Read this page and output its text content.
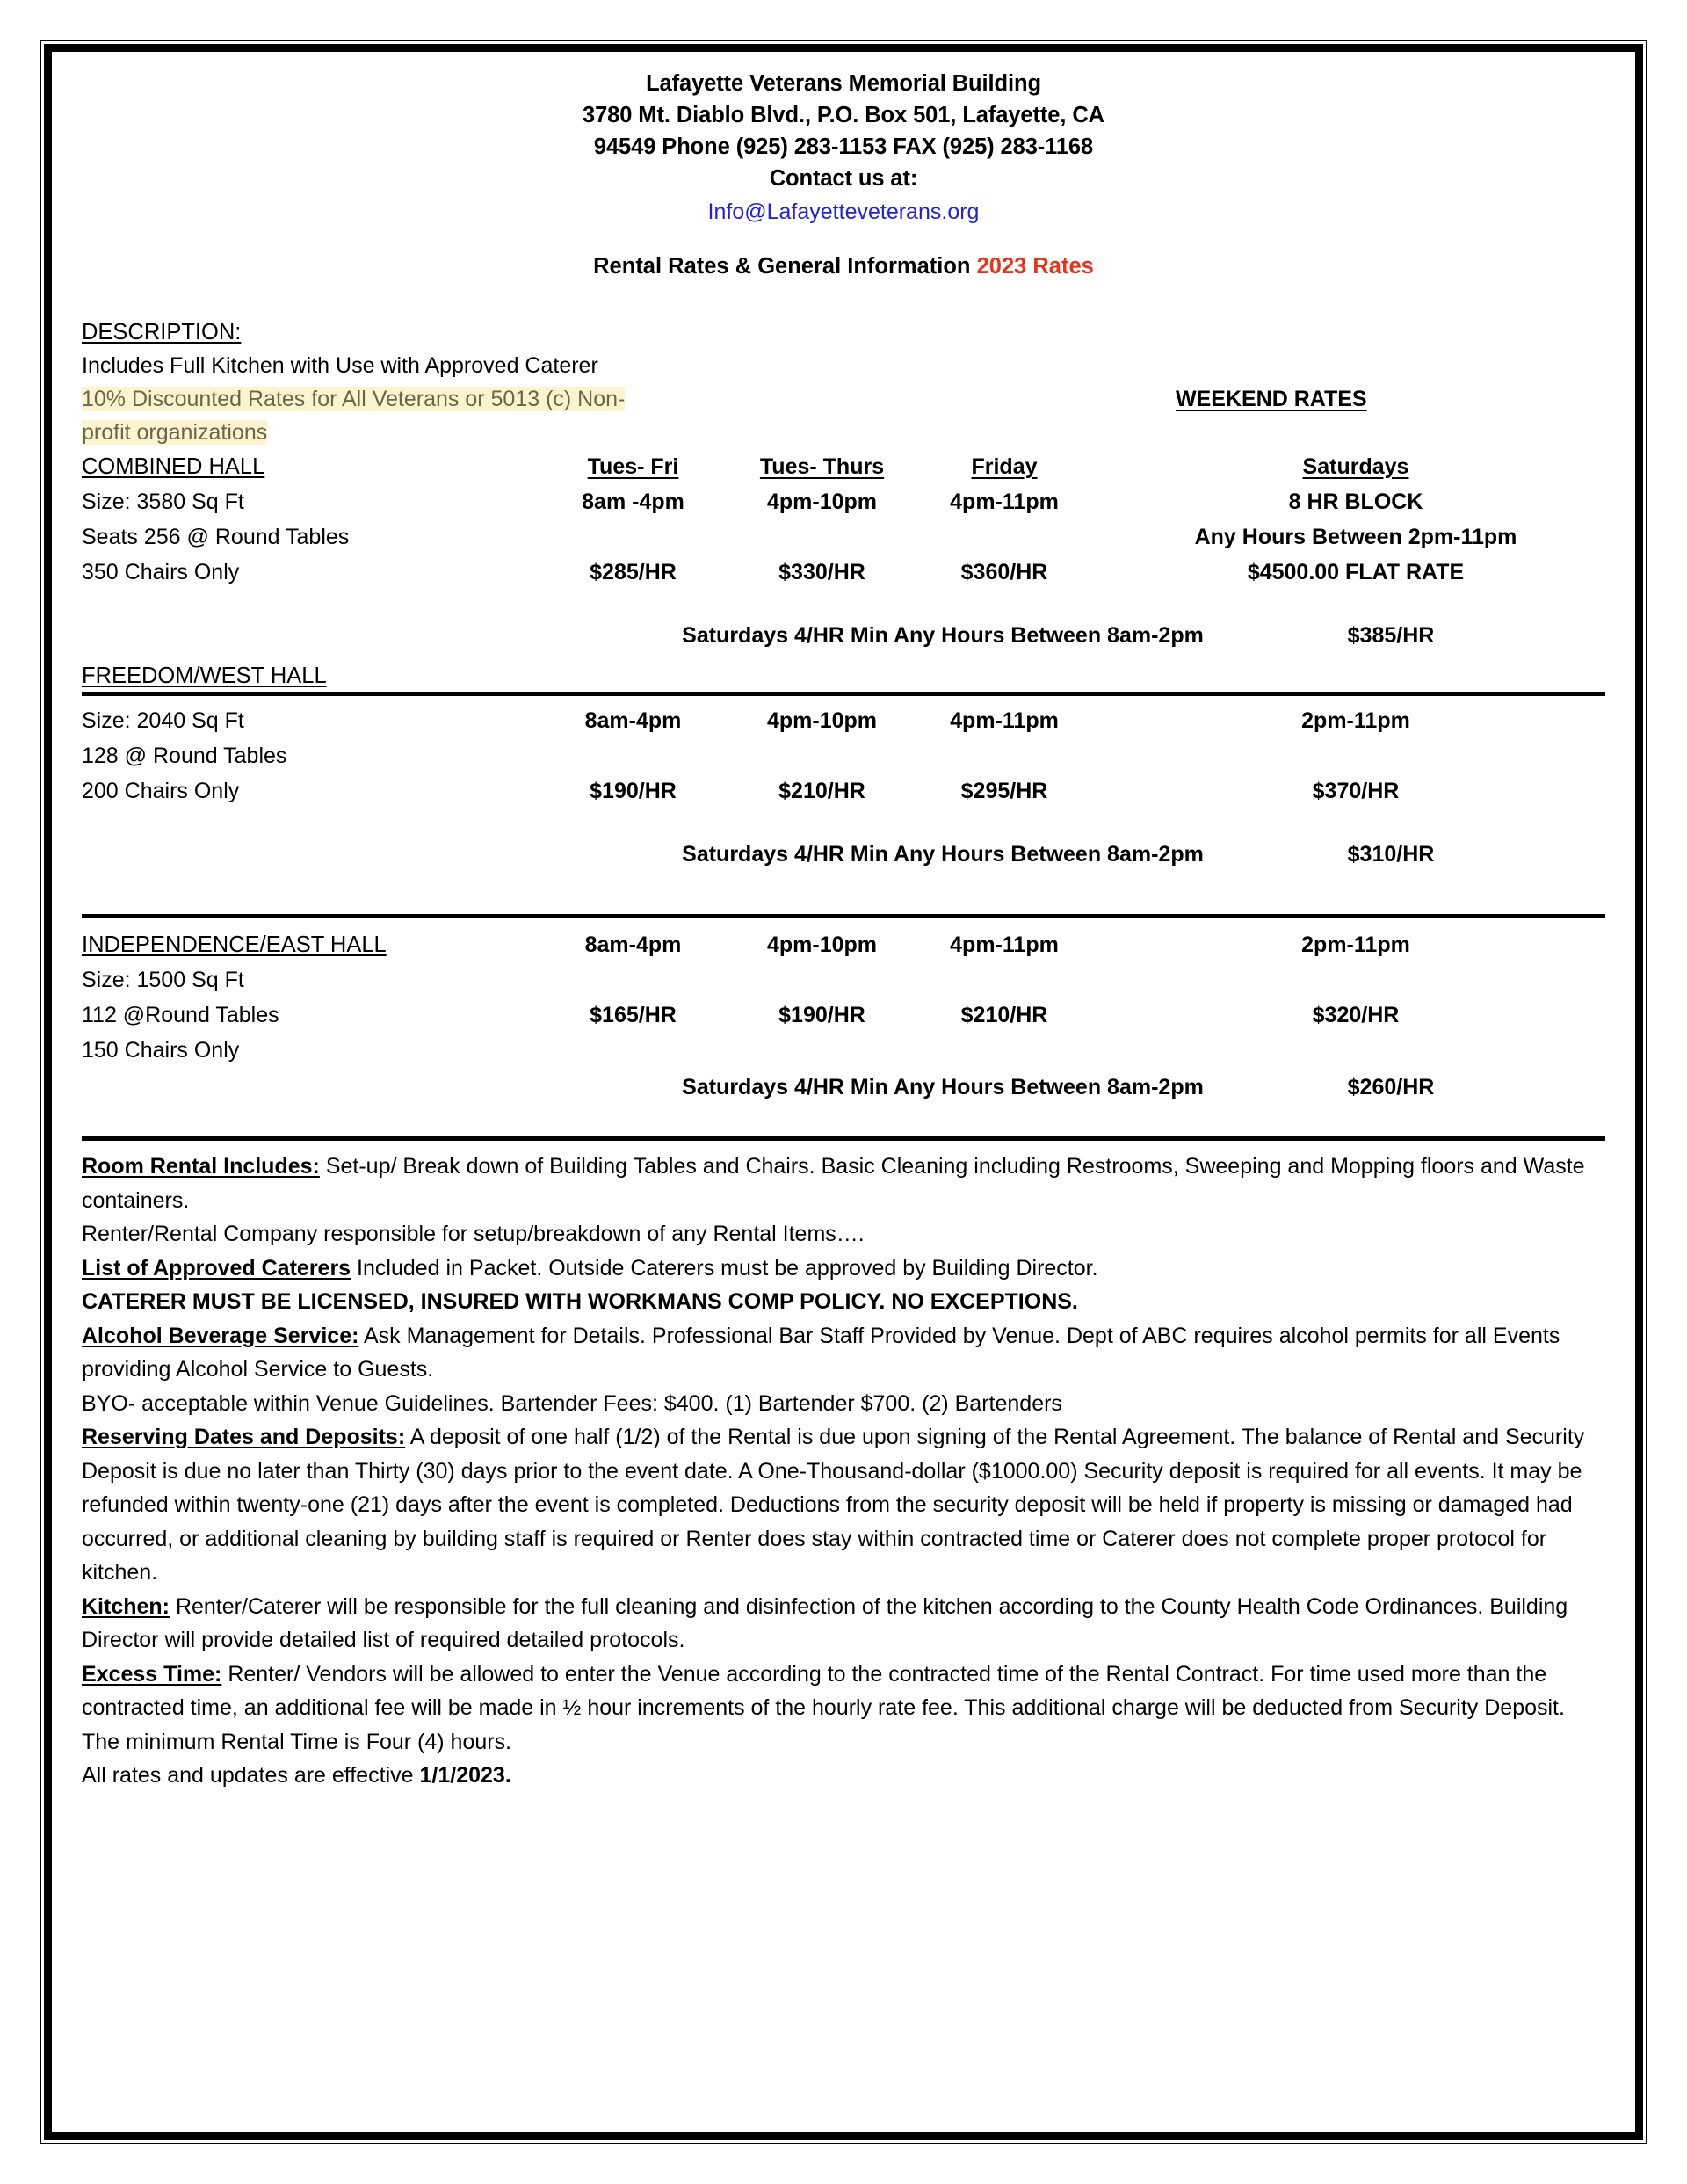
Lafayette Veterans Memorial Building
3780 Mt. Diablo Blvd., P.O. Box 501, Lafayette, CA
94549 Phone (925) 283-1153 FAX (925) 283-1168
Contact us at:
Info@Lafayetteveterans.org
Rental Rates & General Information 2023 Rates
DESCRIPTION:
Includes Full Kitchen with Use with Approved Caterer
10% Discounted Rates for All Veterans or 5013 (c) Non-	WEEKEND RATES
profit organizations
COMBINED HALL	Tues- Fri	Tues- Thurs	Friday	Saturdays
Size: 3580 Sq Ft	8am -4pm	4pm-10pm	4pm-11pm	8 HR BLOCK
Seats 256 @ Round Tables				Any Hours Between 2pm-11pm
350 Chairs Only	$285/HR	$330/HR	$360/HR	$4500.00 FLAT RATE
Saturdays 4/HR Min Any Hours Between 8am-2pm	$385/HR
FREEDOM/WEST HALL
Size: 2040 Sq Ft	8am-4pm	4pm-10pm	4pm-11pm	2pm-11pm
128 @ Round Tables				
200 Chairs Only	$190/HR	$210/HR	$295/HR	$370/HR
Saturdays 4/HR Min Any Hours Between 8am-2pm	$310/HR
INDEPENDENCE/EAST HALL	8am-4pm	4pm-10pm	4pm-11pm	2pm-11pm
Size: 1500 Sq Ft				
112 @Round Tables	$165/HR	$190/HR	$210/HR	$320/HR
150 Chairs Only				
Saturdays 4/HR Min Any Hours Between 8am-2pm	$260/HR
Room Rental Includes: Set-up/ Break down of Building Tables and Chairs. Basic Cleaning including Restrooms, Sweeping and Mopping floors and Waste containers.
Renter/Rental Company responsible for setup/breakdown of any Rental Items….
List of Approved Caterers Included in Packet. Outside Caterers must be approved by Building Director.
CATERER MUST BE LICENSED, INSURED WITH WORKMANS COMP POLICY. NO EXCEPTIONS.
Alcohol Beverage Service: Ask Management for Details. Professional Bar Staff Provided by Venue. Dept of ABC requires alcohol permits for all Events providing Alcohol Service to Guests.
BYO- acceptable within Venue Guidelines. Bartender Fees: $400. (1) Bartender $700. (2) Bartenders
Reserving Dates and Deposits: A deposit of one half (1/2) of the Rental is due upon signing of the Rental Agreement. The balance of Rental and Security Deposit is due no later than Thirty (30) days prior to the event date. A One-Thousand-dollar ($1000.00) Security deposit is required for all events. It may be refunded within twenty-one (21) days after the event is completed. Deductions from the security deposit will be held if property is missing or damaged had occurred, or additional cleaning by building staff is required or Renter does stay within contracted time or Caterer does not complete proper protocol for kitchen.
Kitchen: Renter/Caterer will be responsible for the full cleaning and disinfection of the kitchen according to the County Health Code Ordinances. Building Director will provide detailed list of required detailed protocols.
Excess Time: Renter/ Vendors will be allowed to enter the Venue according to the contracted time of the Rental Contract. For time used more than the contracted time, an additional fee will be made in ½ hour increments of the hourly rate fee. This additional charge will be deducted from Security Deposit. The minimum Rental Time is Four (4) hours.
All rates and updates are effective 1/1/2023.
